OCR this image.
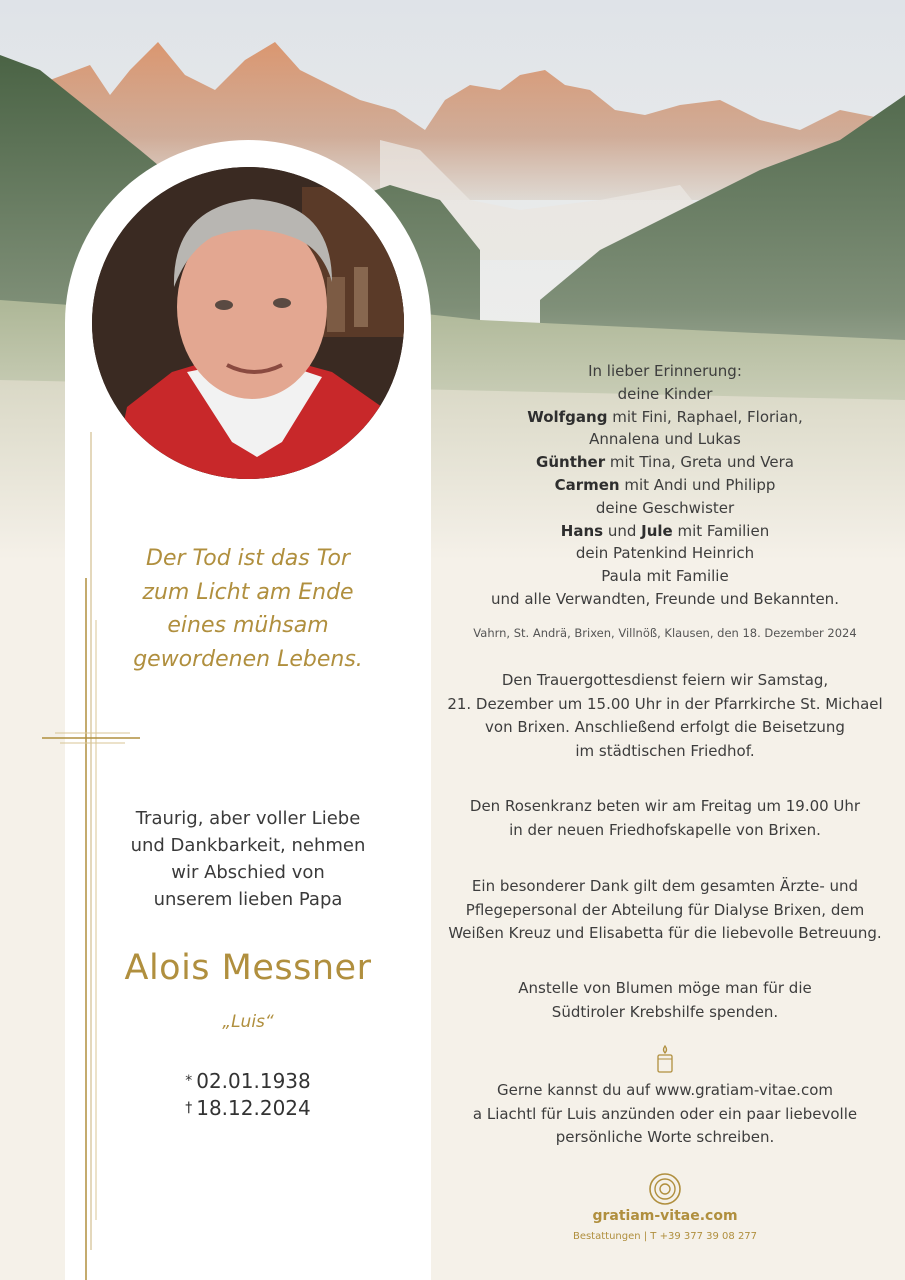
Der Tod ist das Tor
zum Licht am Ende
eines mühsam
gewordenen Lebens.
Traurig, aber voller Liebe
und Dankbarkeit, nehmen
wir Abschied von
unserem lieben Papa
Alois Messner
„Luis“
* 02.01.1938
† 18.12.2024
In lieber Erinnerung:
deine Kinder
Wolfgang mit Fini, Raphael, Florian,
Annalena und Lukas
Günther mit Tina, Greta und Vera
Carmen mit Andi und Philipp
deine Geschwister
Hans und Jule mit Familien
dein Patenkind Heinrich
Paula mit Familie
und alle Verwandten, Freunde und Bekannten.
Vahrn, St. Andrä, Brixen, Villnöß, Klausen, den 18. Dezember 2024
Den Trauergottesdienst feiern wir Samstag,
21. Dezember um 15.00 Uhr in der Pfarrkirche St. Michael
von Brixen. Anschließend erfolgt die Beisetzung
im städtischen Friedhof.
Den Rosenkranz beten wir am Freitag um 19.00 Uhr
in der neuen Friedhofskapelle von Brixen.
Ein besonderer Dank gilt dem gesamten Ärzte- und
Pflegepersonal der Abteilung für Dialyse Brixen, dem
Weißen Kreuz und Elisabetta für die liebevolle Betreuung.
Anstelle von Blumen möge man für die
Südtiroler Krebshilfe spenden.
Gerne kannst du auf www.gratiam-vitae.com
a Liachtl für Luis anzünden oder ein paar liebevolle
persönliche Worte schreiben.
gratiam-vitae.com
Bestattungen | T +39 377 39 08 277
